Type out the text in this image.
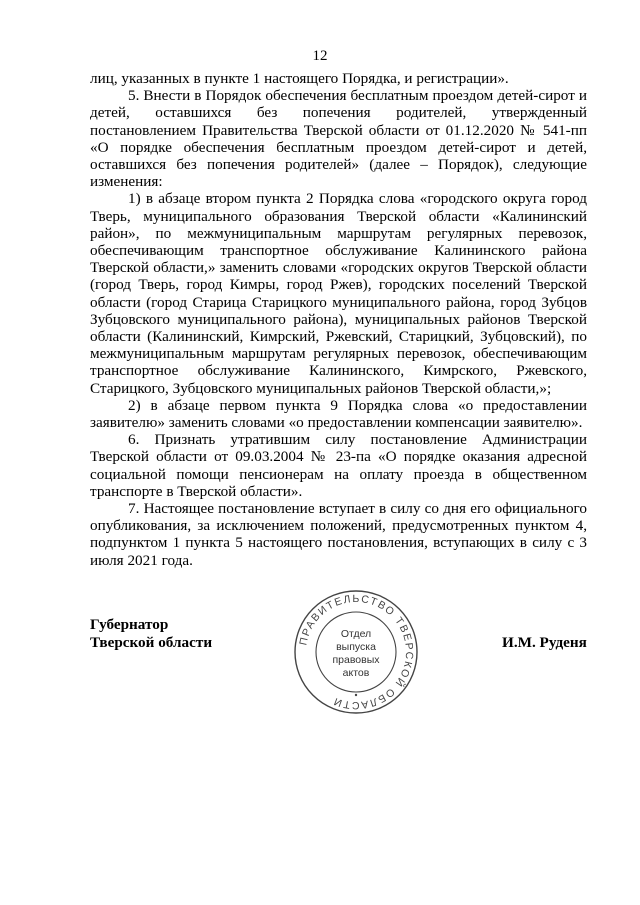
12

лиц, указанных в пункте 1 настоящего Порядка, и регистрации».

5. Внести в Порядок обеспечения бесплатным проездом детей-сирот и детей, оставшихся без попечения родителей, утвержденный постановлением Правительства Тверской области от 01.12.2020 № 541-пп «О порядке обеспечения бесплатным проездом детей-сирот и детей, оставшихся без попечения родителей» (далее – Порядок), следующие изменения:

1) в абзаце втором пункта 2 Порядка слова «городского округа город Тверь, муниципального образования Тверской области «Калининский район», по межмуниципальным маршрутам регулярных перевозок, обеспечивающим транспортное обслуживание Калининского района Тверской области,» заменить словами «городских округов Тверской области (город Тверь, город Кимры, город Ржев), городских поселений Тверской области (город Старица Старицкого муниципального района, город Зубцов Зубцовского муниципального района), муниципальных районов Тверской области (Калининский, Кимрский, Ржевский, Старицкий, Зубцовский), по межмуниципальным маршрутам регулярных перевозок, обеспечивающим транспортное обслуживание Калининского, Кимрского, Ржевского, Старицкого, Зубцовского муниципальных районов Тверской области,»;

2) в абзаце первом пункта 9 Порядка слова «о предоставлении заявителю» заменить словами «о предоставлении компенсации заявителю».

6. Признать утратившим силу постановление Администрации Тверской области от 09.03.2004 № 23-па «О порядке оказания адресной социальной помощи пенсионерам на оплату проезда в общественном транспорте в Тверской области».

7. Настоящее постановление вступает в силу со дня его официального опубликования, за исключением положений, предусмотренных пунктом 4, подпунктом 1 пункта 5 настоящего постановления, вступающих в силу с 3 июля 2021 года.

Губернатор
Тверской области	ПРАВИТЕЛЬСТВО ТВЕРСКОЙ ОБЛАСТИ
Отдел
выпуска
правовых
актов
И.М. Руденя
